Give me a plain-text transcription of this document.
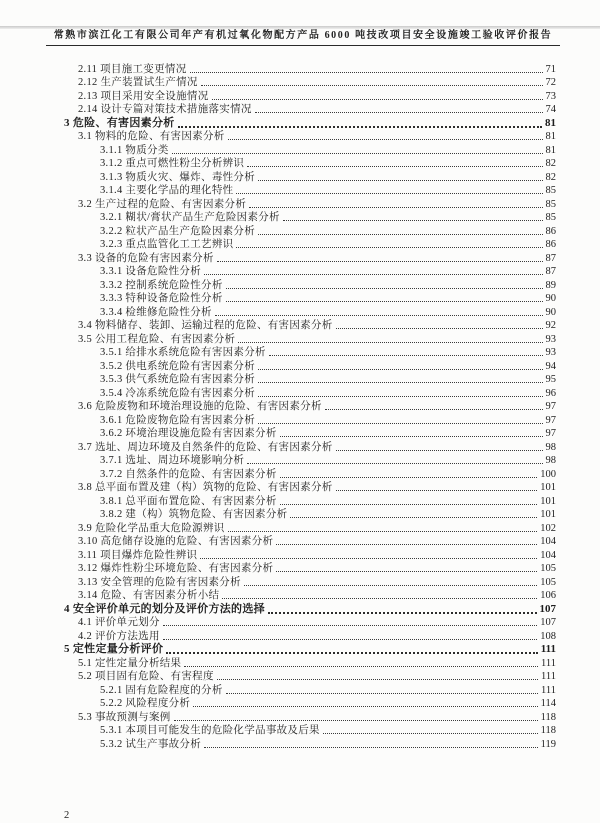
常熟市滨江化工有限公司年产有机过氧化物配方产品 6000 吨技改项目安全设施竣工验收评价报告
2.11 项目施工变更情况	71
2.12 生产装置试生产情况	72
2.13 项目采用安全设施情况	73
2.14 设计专篇对策技术措施落实情况	74
3 危险、有害因素分析	81
3.1 物料的危险、有害因素分析	81
3.1.1 物质分类	81
3.1.2 重点可燃性粉尘分析辨识	82
3.1.3 物质火灾、爆炸、毒性分析	82
3.1.4 主要化学品的理化特性	85
3.2 生产过程的危险、有害因素分析	85
3.2.1 糊状/膏状产品生产危险因素分析	85
3.2.2 粒状产品生产危险因素分析	86
3.2.3 重点监管化工工艺辨识	86
3.3 设备的危险有害因素分析	87
3.3.1 设备危险性分析	87
3.3.2 控制系统危险性分析	89
3.3.3 特种设备危险性分析	90
3.3.4 检维修危险性分析	90
3.4 物料储存、装卸、运输过程的危险、有害因素分析	92
3.5 公用工程危险、有害因素分析	93
3.5.1 给排水系统危险有害因素分析	93
3.5.2 供电系统危险有害因素分析	94
3.5.3 供气系统危险有害因素分析	95
3.5.4 冷冻系统危险有害因素分析	96
3.6 危险废物和环境治理设施的危险、有害因素分析	97
3.6.1 危险废物危险有害因素分析	97
3.6.2 环境治理设施危险有害因素分析	97
3.7 选址、周边环境及自然条件的危险、有害因素分析	98
3.7.1 选址、周边环境影响分析	98
3.7.2 自然条件的危险、有害因素分析	100
3.8 总平面布置及建（构）筑物的危险、有害因素分析	101
3.8.1 总平面布置危险、有害因素分析	101
3.8.2 建（构）筑物危险、有害因素分析	101
3.9 危险化学品重大危险源辨识	102
3.10 高危储存设施的危险、有害因素分析	104
3.11 项目爆炸危险性辨识	104
3.12 爆炸性粉尘环境危险、有害因素分析	105
3.13 安全管理的危险有害因素分析	105
3.14 危险、有害因素分析小结	106
4 安全评价单元的划分及评价方法的选择	107
4.1 评价单元划分	107
4.2 评价方法选用	108
5 定性定量分析评价	111
5.1 定性定量分析结果	111
5.2 项目固有危险、有害程度	111
5.2.1 固有危险程度的分析	111
5.2.2 风险程度分析	114
5.3 事故预测与案例	118
5.3.1 本项目可能发生的危险化学品事故及后果	118
5.3.2 试生产事故分析	119
2
